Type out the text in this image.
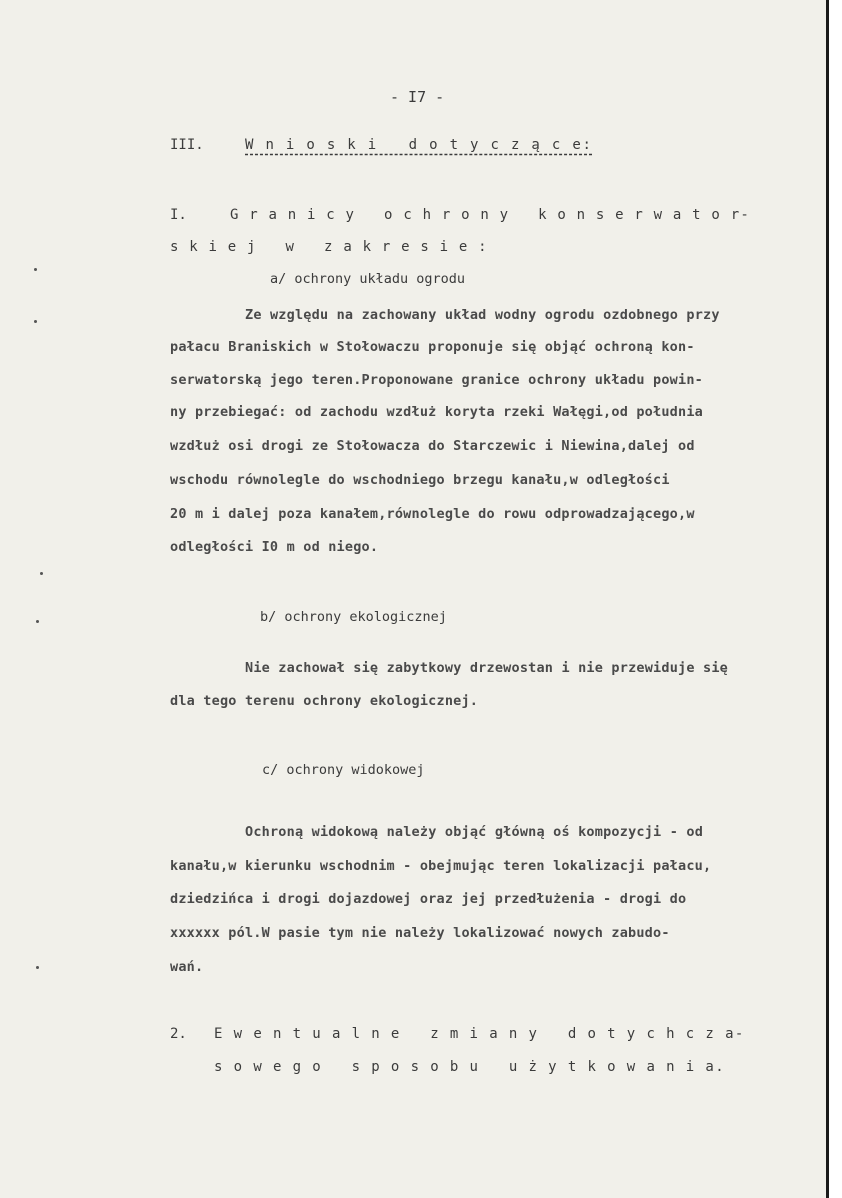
- I7 -
III.	W n i o s k i   d o t y c z ą c e:
I.	G r a n i c y   o c h r o n y   k o n s e r w a t o r-
s k i e j   w   z a k r e s i e :
a/ ochrony układu ogrodu
Ze względu na zachowany układ wodny ogrodu ozdobnego przy
pałacu Braniskich w Stołowaczu proponuje się objąć ochroną kon-
serwatorską jego teren.Proponowane granice ochrony układu powin-
ny przebiegać: od zachodu wzdłuż koryta rzeki Wałęgi,od południa
wzdłuż osi drogi ze Stołowacza do Starczewic i Niewina,dalej od
wschodu równolegle do wschodniego brzegu kanału,w odległości
20 m i dalej poza kanałem,równolegle do rowu odprowadzającego,w
odległości I0 m od niego.
b/ ochrony ekologicznej
Nie zachował się zabytkowy drzewostan i nie przewiduje się
dla tego terenu ochrony ekologicznej.
c/ ochrony widokowej
Ochroną widokową należy objąć główną oś kompozycji - od
kanału,w kierunku wschodnim - obejmując teren lokalizacji pałacu,
dziedzińca i drogi dojazdowej oraz jej przedłużenia - drogi do
xxxxxx pól.W pasie tym nie należy lokalizować nowych zabudo-
wań.
2. E w e n t u a l n e   z m i a n y   d o t y c h c z a-
s o w e g o   s p o s o b u   u ż y t k o w a n i a.
